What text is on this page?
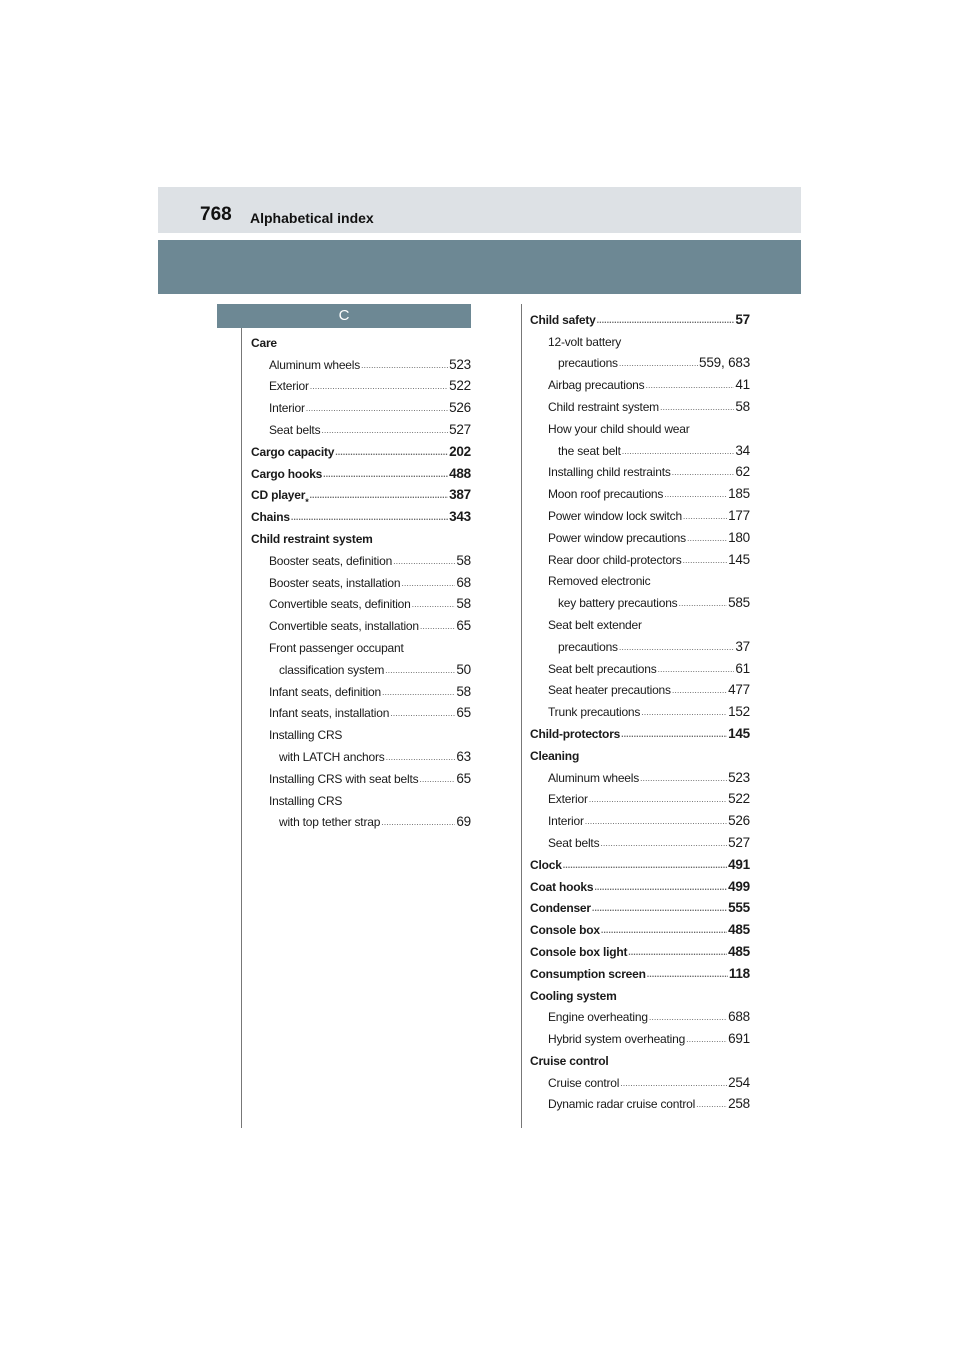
768 Alphabetical index
C
Care
Aluminum wheels .....	523
Exterior .....	522
Interior .....	526
Seat belts .....	527
Cargo capacity .....	202
Cargo hooks .....	488
CD player * .....	387
Chains .....	343
Child restraint system
Booster seats, definition .....	58
Booster seats, installation .....	68
Convertible seats, definition .....	58
Convertible seats, installation .....	65
Front passenger occupant
classification system .....	50
Infant seats, definition .....	58
Infant seats, installation .....	65
Installing CRS
with LATCH anchors .....	63
Installing CRS with seat belts .....	65
Installing CRS
with top tether strap .....	69
Child safety .....	57
12-volt battery
precautions .....	559, 683
Airbag precautions .....	41
Child restraint system .....	58
How your child should wear
the seat belt .....	34
Installing child restraints .....	62
Moon roof precautions .....	185
Power window lock switch .....	177
Power window precautions .....	180
Rear door child-protectors .....	145
Removed electronic
key battery precautions .....	585
Seat belt extender
precautions .....	37
Seat belt precautions .....	61
Seat heater precautions .....	477
Trunk precautions .....	152
Child-protectors .....	145
Cleaning
Aluminum wheels .....	523
Exterior .....	522
Interior .....	526
Seat belts .....	527
Clock .....	491
Coat hooks .....	499
Condenser .....	555
Console box .....	485
Console box light .....	485
Consumption screen .....	118
Cooling system
Engine overheating .....	688
Hybrid system overheating .....	691
Cruise control
Cruise control .....	254
Dynamic radar cruise control ..... 258
